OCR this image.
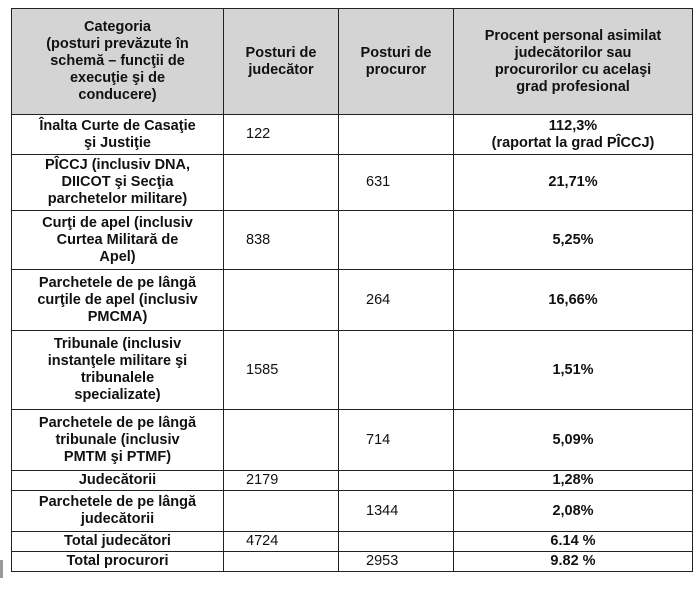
Categoria
(posturi prevăzute în
schemă – funcţii de
execuţie şi de
conducere)	Posturi de
judecător	Posturi de
procuror	Procent personal asimilat
judecătorilor sau
procurorilor cu acelaşi
grad profesional

Înalta Curte de Casaţie
şi Justiţie	122		112,3%
(raportat la grad PÎCCJ)

PÎCCJ (inclusiv DNA,
DIICOT şi Secţia
parchetelor militare)		631	21,71%

Curţi de apel (inclusiv
Curtea Militară de
Apel)	838		5,25%

Parchetele de pe lângă
curţile de apel (inclusiv
PMCMA)		264	16,66%

Tribunale (inclusiv
instanţele militare şi
tribunalele
specializate)	1585		1,51%

Parchetele de pe lângă
tribunale (inclusiv
PMTM şi PTMF)		714	5,09%

Judecătorii	2179		1,28%

Parchetele de pe lângă
judecătorii		1344	2,08%

Total judecători	4724		6.14 %

Total procurori		2953	9.82 %
